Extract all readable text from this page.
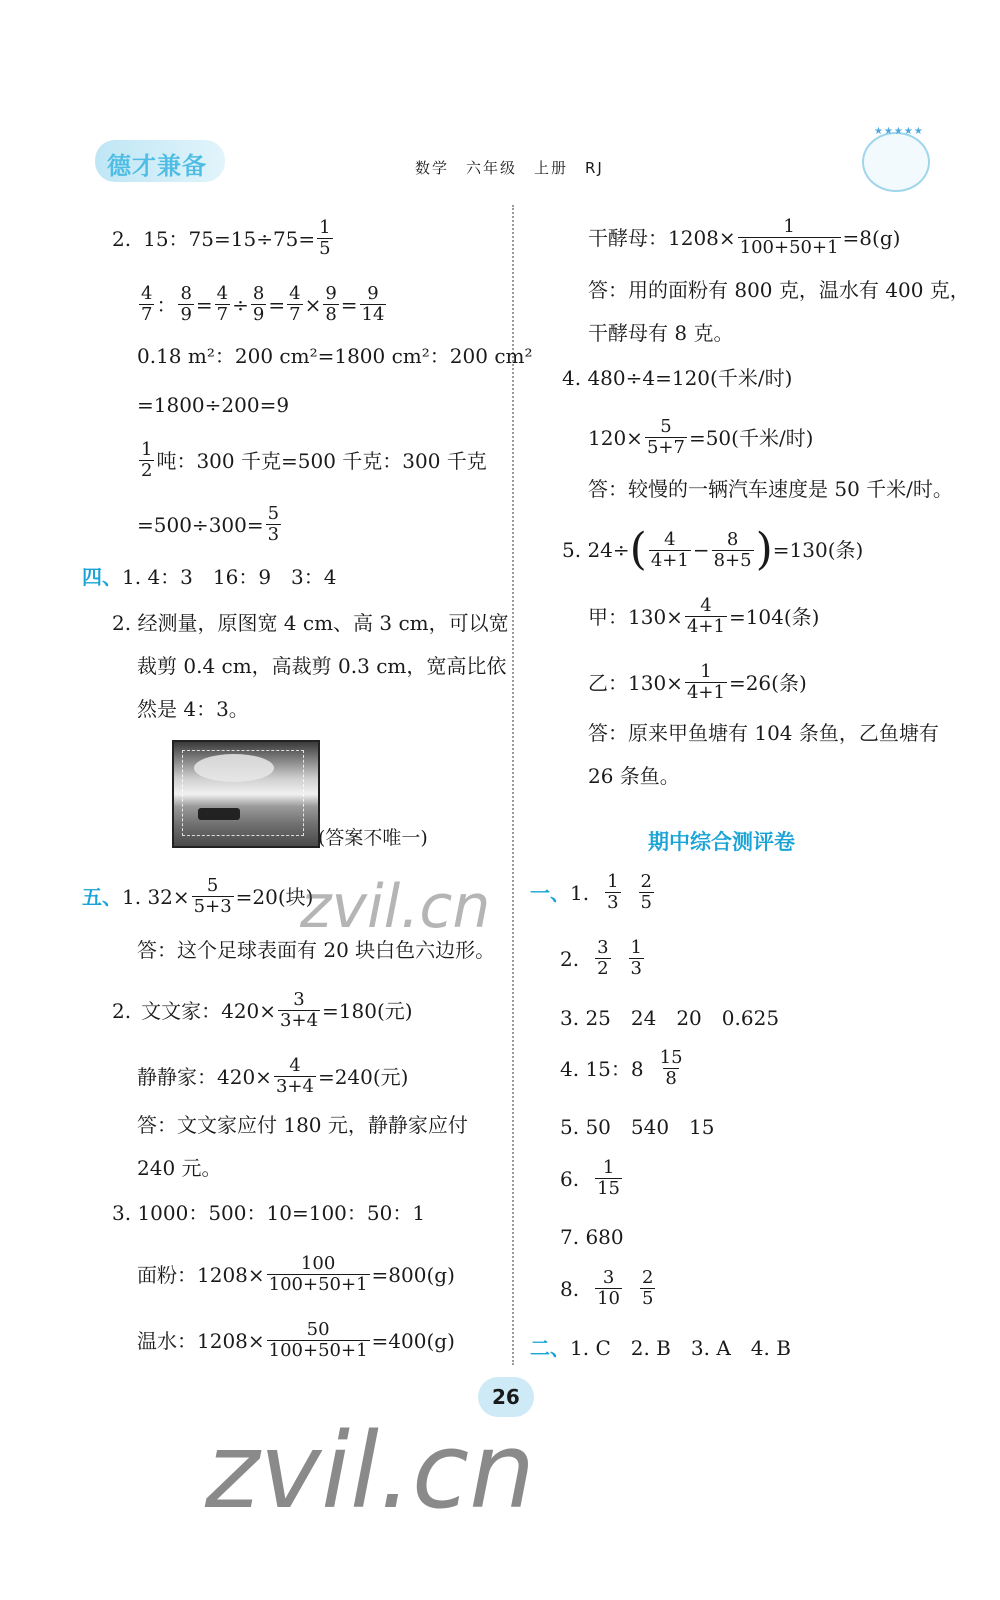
德才兼备	数学　六年级　上册　RJ
★★★★★
2. 15：$75=15\div 75= \frac{1}{5}$
$\frac{4}{7}$ ： $\frac{8}{9} = \frac{4}{7} \div \frac{8}{9} = \frac{4}{7} \times \frac{9}{8} = \frac{9}{14}$
0.18 m²：200 cm²=1800 cm²：200 cm²
=1800÷200=9
$\frac{1}{2}$ 吨：300 千克=500 千克：300 千克
$=500\div 300= \frac{5}{3}$
四、 1. 4：3　16：9　3：4
2. 经测量，原图宽 4 cm、高 3 cm，可以宽
裁剪 0.4 cm，高裁剪 0.3 cm，宽高比依
然是 4：3。
(答案不唯一)
五、 1. $32\times \frac{5}{5+3} =20$(块)
答：这个足球表面有 20 块白色六边形。
2. 文文家：$420\times \frac{3}{3+4} =180$(元)
静静家：$420\times \frac{4}{3+4} =240$(元)
答：文文家应付 180 元，静静家应付
240 元。
3. 1000：500：10=100：50：1
面粉：$1208\times \frac{100}{100+50+1} =800(g)$
温水：$1208\times \frac{50}{100+50+1} =400(g)$
干酵母：$1208\times \frac{1}{100+50+1} =8(g)$
答：用的面粉有 800 克，温水有 400 克，
干酵母有 8 克。
4. 480÷4=120(千米/时)
$120\times \frac{5}{5+7} =50$(千米/时)
答：较慢的一辆汽车速度是 50 千米/时。
5. 24÷ ( $\frac{4}{4+1} - \frac{8}{8+5}$ ) =130(条)
甲：$130\times \frac{4}{4+1} =104$(条)
乙：$130\times \frac{1}{4+1} =26$(条)
答：原来甲鱼塘有 104 条鱼，乙鱼塘有
26 条鱼。
期中综合测评卷
一、 1. $\frac{1}{3} \frac{2}{5}$
2. $\frac{3}{2} \frac{1}{3}$
3. 25　24　20　0.625
4. 15：$8 \frac{15}{8}$
5. 50　540　15
6. $\frac{1}{15}$
7. 680
8. $\frac{3}{10} \frac{2}{5}$
二、 1. C　2. B　3. A　4. B
26
zvil.cn
zvil.cn
